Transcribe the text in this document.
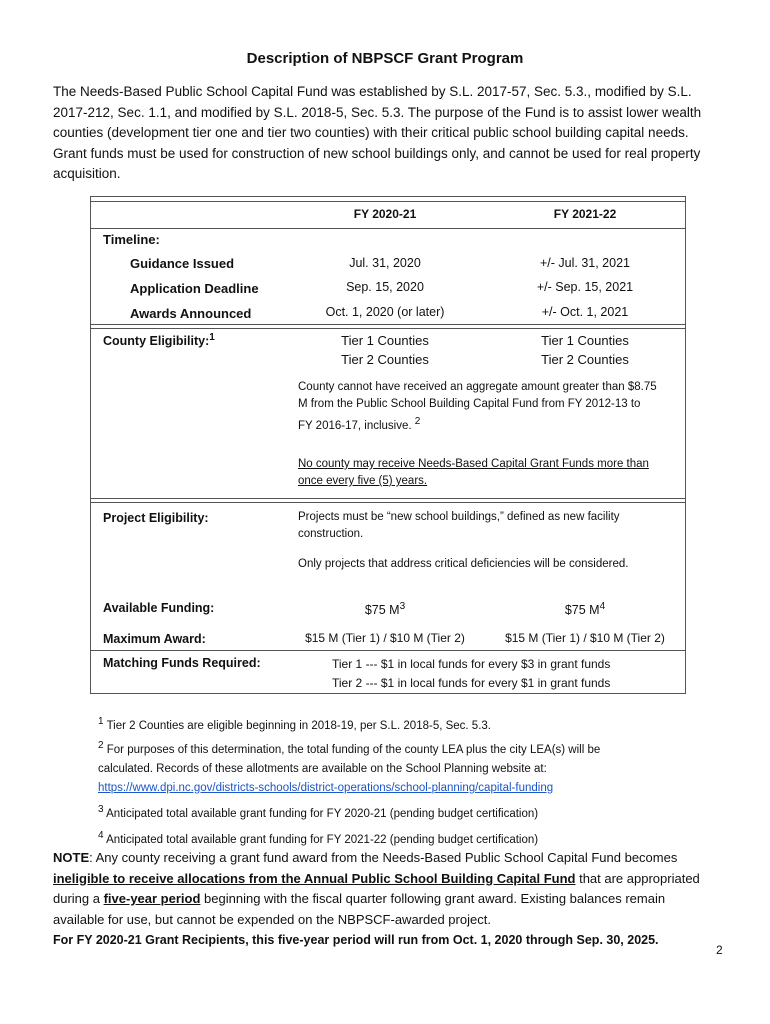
Description of NBPSCF Grant Program
The Needs-Based Public School Capital Fund was established by S.L. 2017-57, Sec. 5.3., modified by S.L. 2017-212, Sec. 1.1, and modified by S.L. 2018-5, Sec. 5.3. The purpose of the Fund is to assist lower wealth counties (development tier one and tier two counties) with their critical public school building capital needs. Grant funds must be used for construction of new school buildings only, and cannot be used for real property acquisition.
FY 2020-21	FY 2021-22
Timeline:
Guidance Issued	Jul. 31, 2020	+/- Jul. 31, 2021
Application Deadline	Sep. 15, 2020	+/- Sep. 15, 2021
Awards Announced	Oct. 1, 2020 (or later)	+/- Oct. 1, 2021
County Eligibility:$^1$	Tier 1 Counties	Tier 1 Counties
Tier 2 Counties	Tier 2 Counties
County cannot have received an aggregate amount greater than $8.75 M from the Public School Building Capital Fund from FY 2012-13 to FY 2016-17, inclusive. $^2$
No county may receive Needs-Based Capital Grant Funds more than once every five (5) years.
Project Eligibility:	Projects must be “new school buildings,” defined as new facility construction.
Only projects that address critical deficiencies will be considered.
Available Funding:	$75 $M^3$	$75 $M^4$
Maximum Award:	$15 M (Tier 1) / $10 M (Tier 2)	$15 M (Tier 1) / $10 M (Tier 2)
Matching Funds Required:	Tier 1 --- $1 in local funds for every $3 in grant funds
Tier 2 --- $1 in local funds for every $1 in grant funds
$^1$ Tier 2 Counties are eligible beginning in 2018-19, per S.L. 2018-5, Sec. 5.3.
$^2$ For purposes of this determination, the total funding of the county LEA plus the city LEA(s) will be calculated. Records of these allotments are available on the School Planning website at:
https://www.dpi.nc.gov/districts-schools/district-operations/school-planning/capital-funding
$^3$ Anticipated total available grant funding for FY 2020-21 (pending budget certification)
$^4$ Anticipated total available grant funding for FY 2021-22 (pending budget certification)
NOTE: Any county receiving a grant fund award from the Needs-Based Public School Capital Fund becomes ineligible to receive allocations from the Annual Public School Building Capital Fund that are appropriated during a five-year period beginning with the fiscal quarter following grant award. Existing balances remain available for use, but cannot be expended on the NBPSCF-awarded project.
For FY 2020-21 Grant Recipients, this five-year period will run from Oct. 1, 2020 through Sep. 30, 2025.
2
